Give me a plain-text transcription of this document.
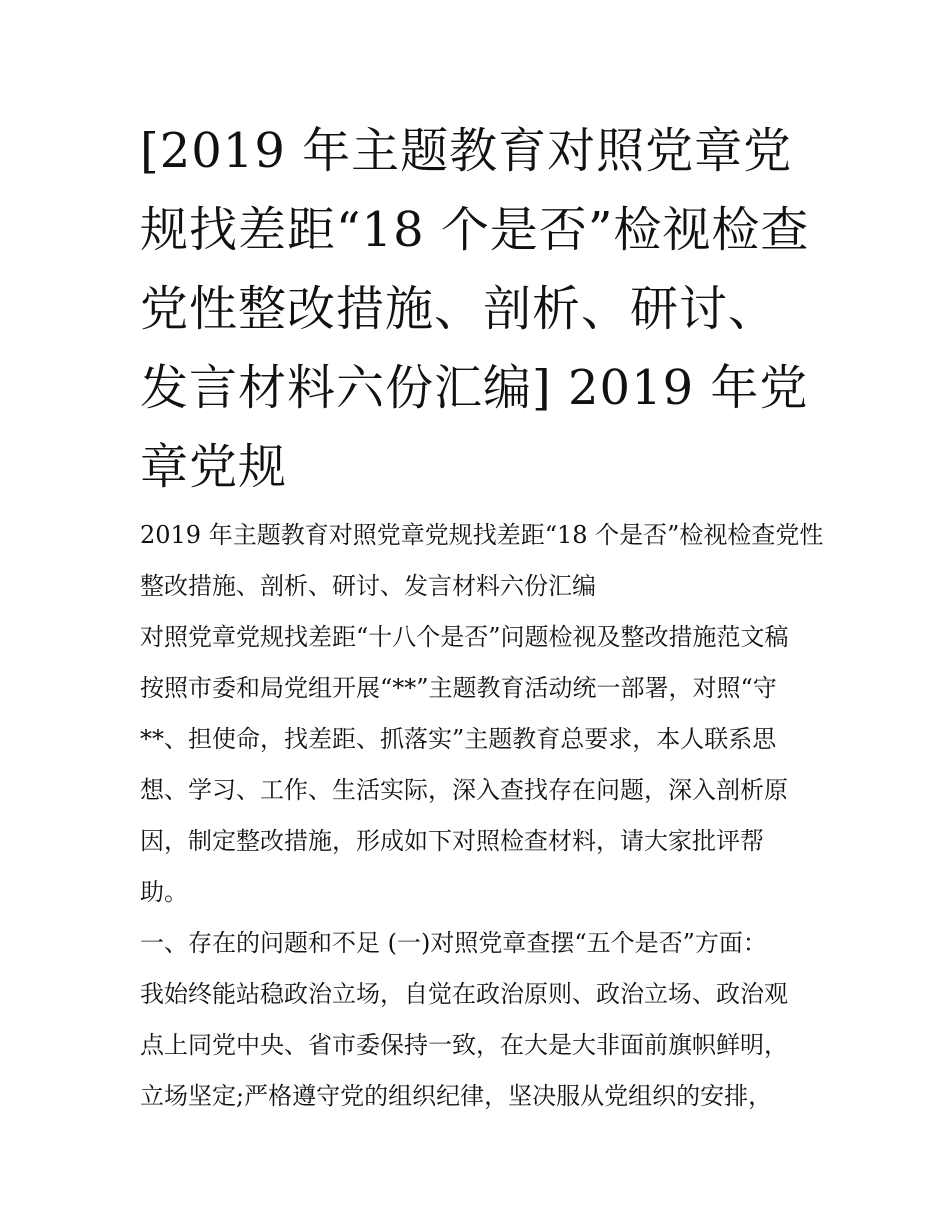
[2019 年主题教育对照党章党
规找差距“18 个是否”检视检查
党性整改措施、剖析、研讨、
发言材料六份汇编] 2019 年党
章党规
2019 年主题教育对照党章党规找差距“18 个是否”检视检查党性
整改措施、剖析、研讨、发言材料六份汇编
对照党章党规找差距“十八个是否”问题检视及整改措施范文稿
按照市委和局党组开展“**”主题教育活动统一部署，对照“守
**、担使命，找差距、抓落实”主题教育总要求，本人联系思
想、学习、工作、生活实际，深入查找存在问题，深入剖析原
因，制定整改措施，形成如下对照检查材料，请大家批评帮
助。
一、存在的问题和不足 (一)对照党章查摆“五个是否”方面：
我始终能站稳政治立场，自觉在政治原则、政治立场、政治观
点上同党中央、省市委保持一致，在大是大非面前旗帜鲜明，
立场坚定;严格遵守党的组织纪律，坚决服从党组织的安排，
